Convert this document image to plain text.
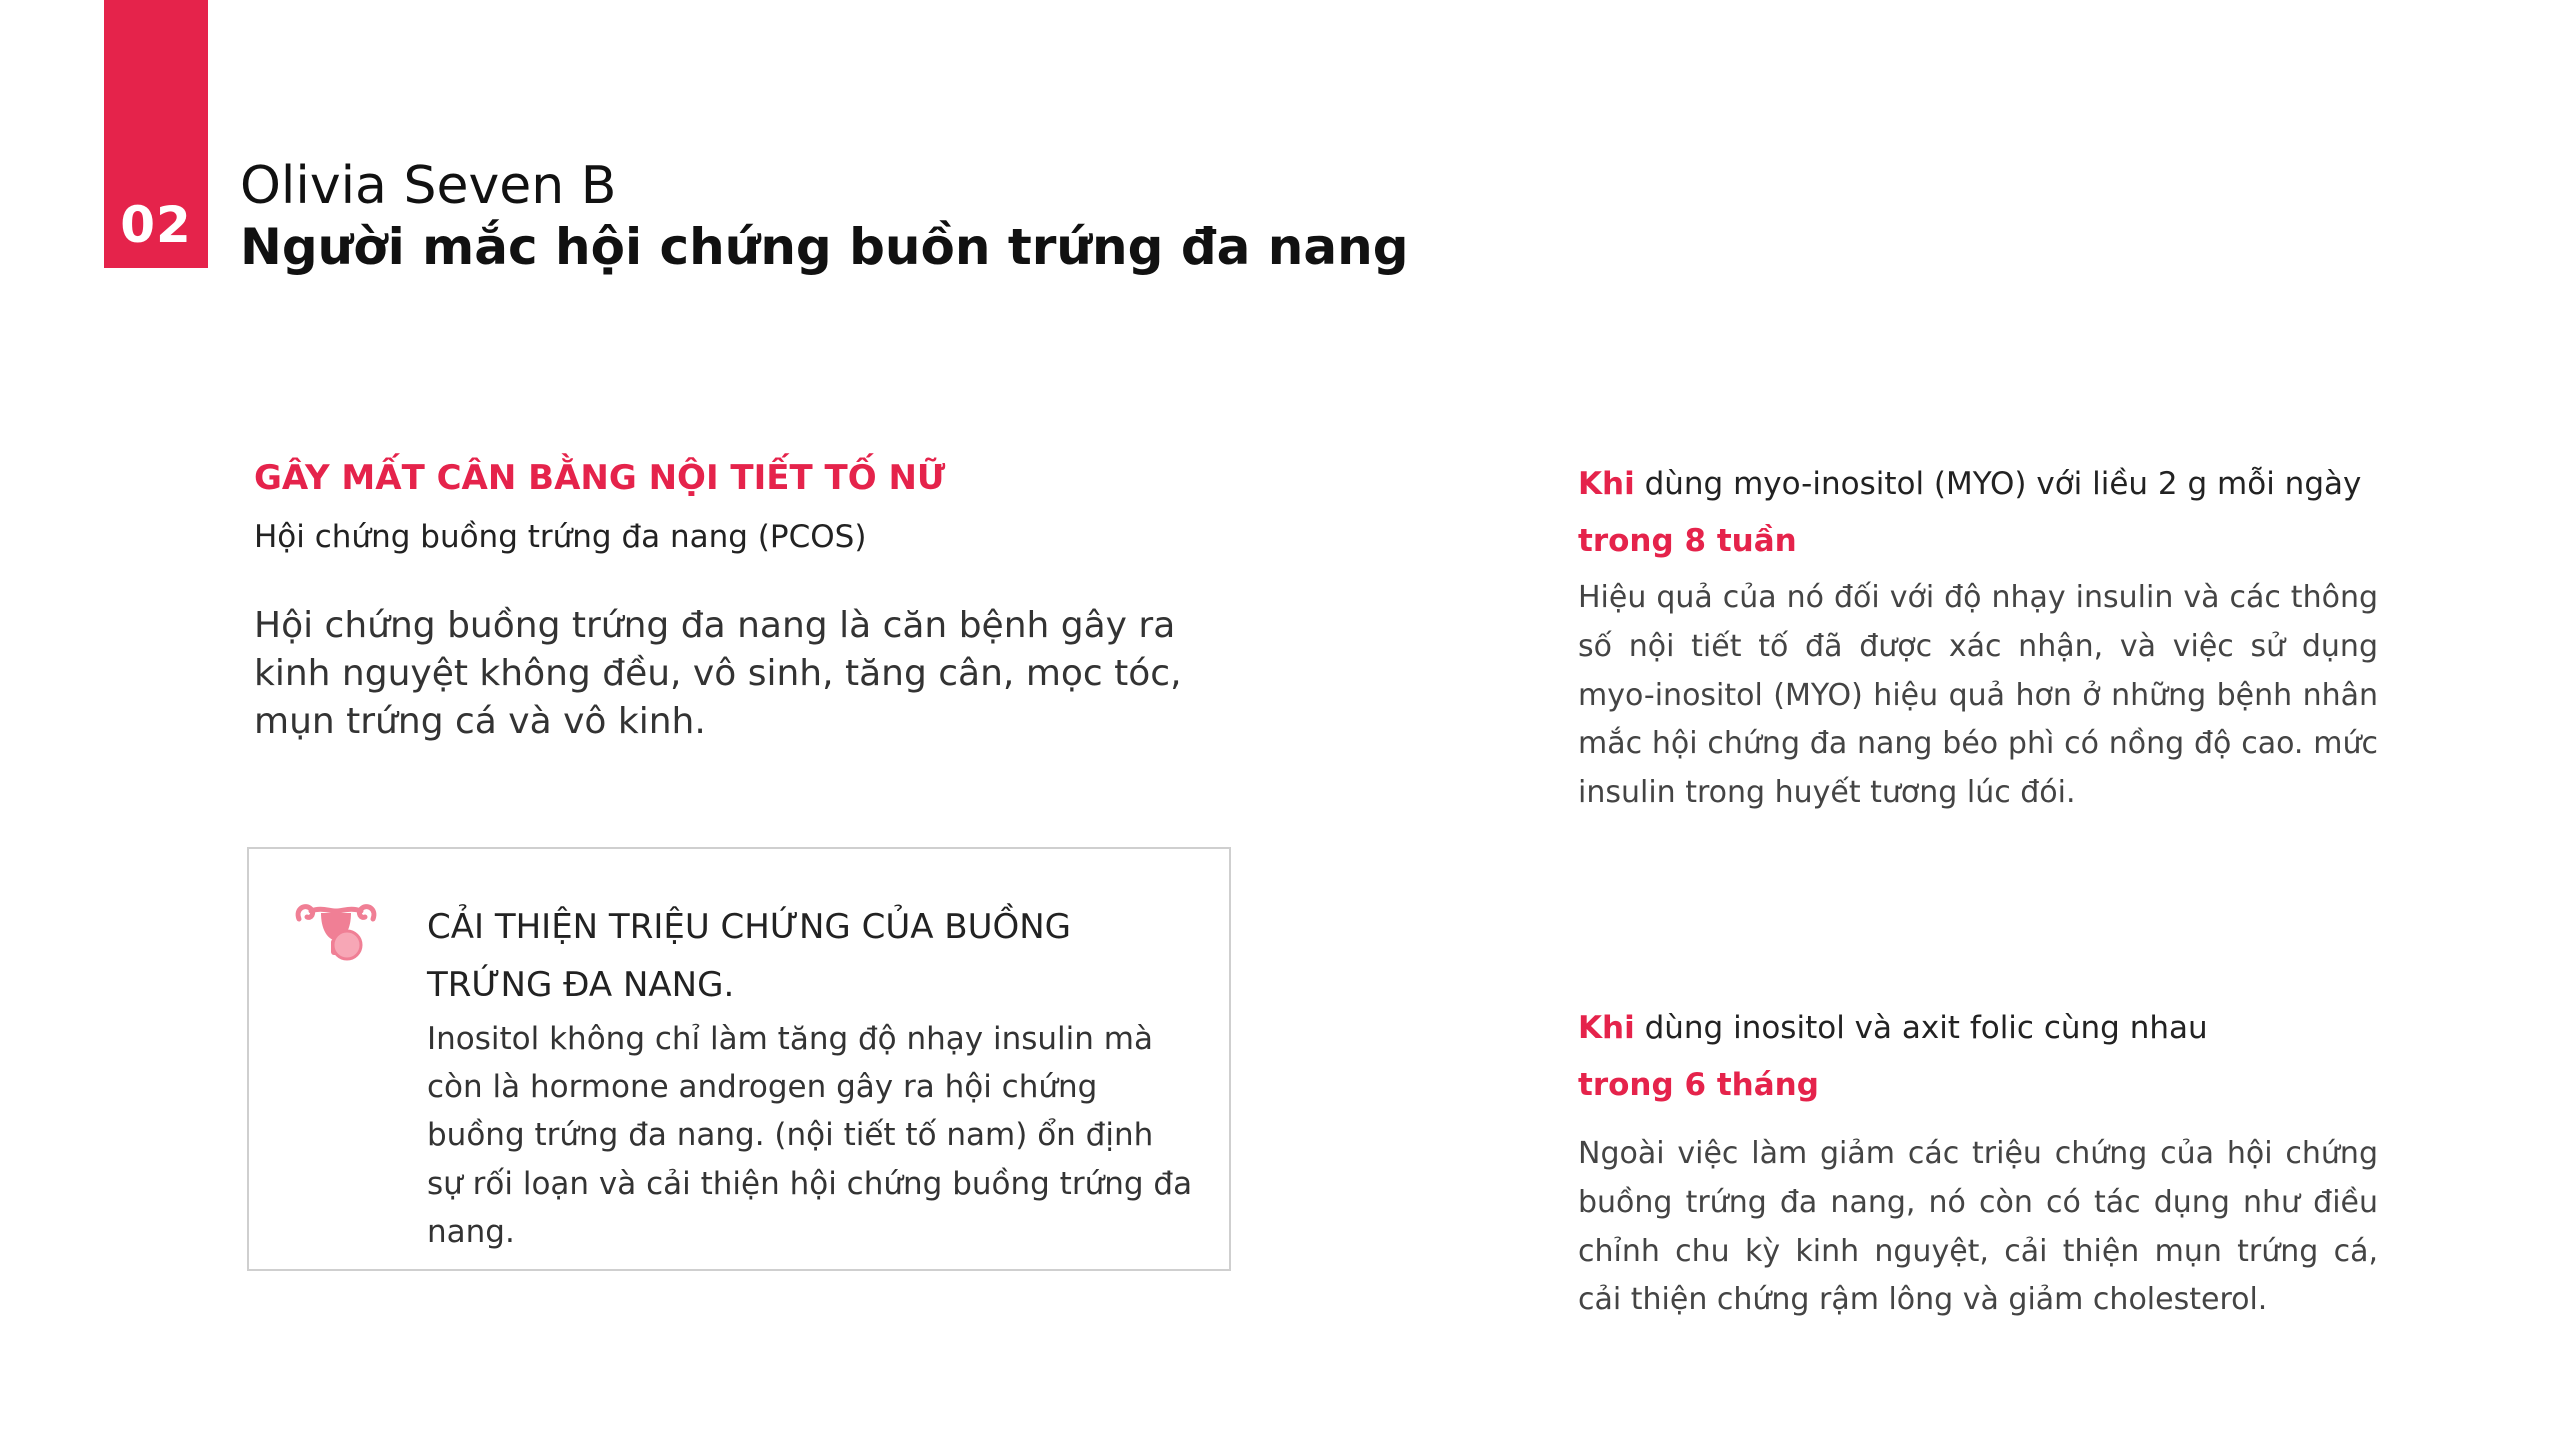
02
Olivia Seven B
Người mắc hội chứng buồn trứng đa nang
GÂY MẤT CÂN BẰNG NỘI TIẾT TỐ NỮ
Hội chứng buồng trứng đa nang (PCOS)
Hội chứng buồng trứng đa nang là căn bệnh gây ra kinh nguyệt không đều, vô sinh, tăng cân, mọc tóc, mụn trứng cá và vô kinh.
CẢI THIỆN TRIỆU CHỨNG CỦA BUỒNG TRỨNG ĐA NANG.
Inositol không chỉ làm tăng độ nhạy insulin mà còn là hormone androgen gây ra hội chứng buồng trứng đa nang. (nội tiết tố nam) ổn định sự rối loạn và cải thiện hội chứng buồng trứng đa nang.
Khi dùng myo-inositol (MYO) với liều 2 g mỗi ngày
trong 8 tuần
Hiệu quả của nó đối với độ nhạy insulin và các thông số nội tiết tố đã được xác nhận, và việc sử dụng myo-inositol (MYO) hiệu quả hơn ở những bệnh nhân mắc hội chứng đa nang béo phì có nồng độ cao. mức insulin trong huyết tương lúc đói.
Khi dùng inositol và axit folic cùng nhau
trong 6 tháng
Ngoài việc làm giảm các triệu chứng của hội chứng buồng trứng đa nang, nó còn có tác dụng như điều chỉnh chu kỳ kinh nguyệt, cải thiện mụn trứng cá, cải thiện chứng rậm lông và giảm cholesterol.
